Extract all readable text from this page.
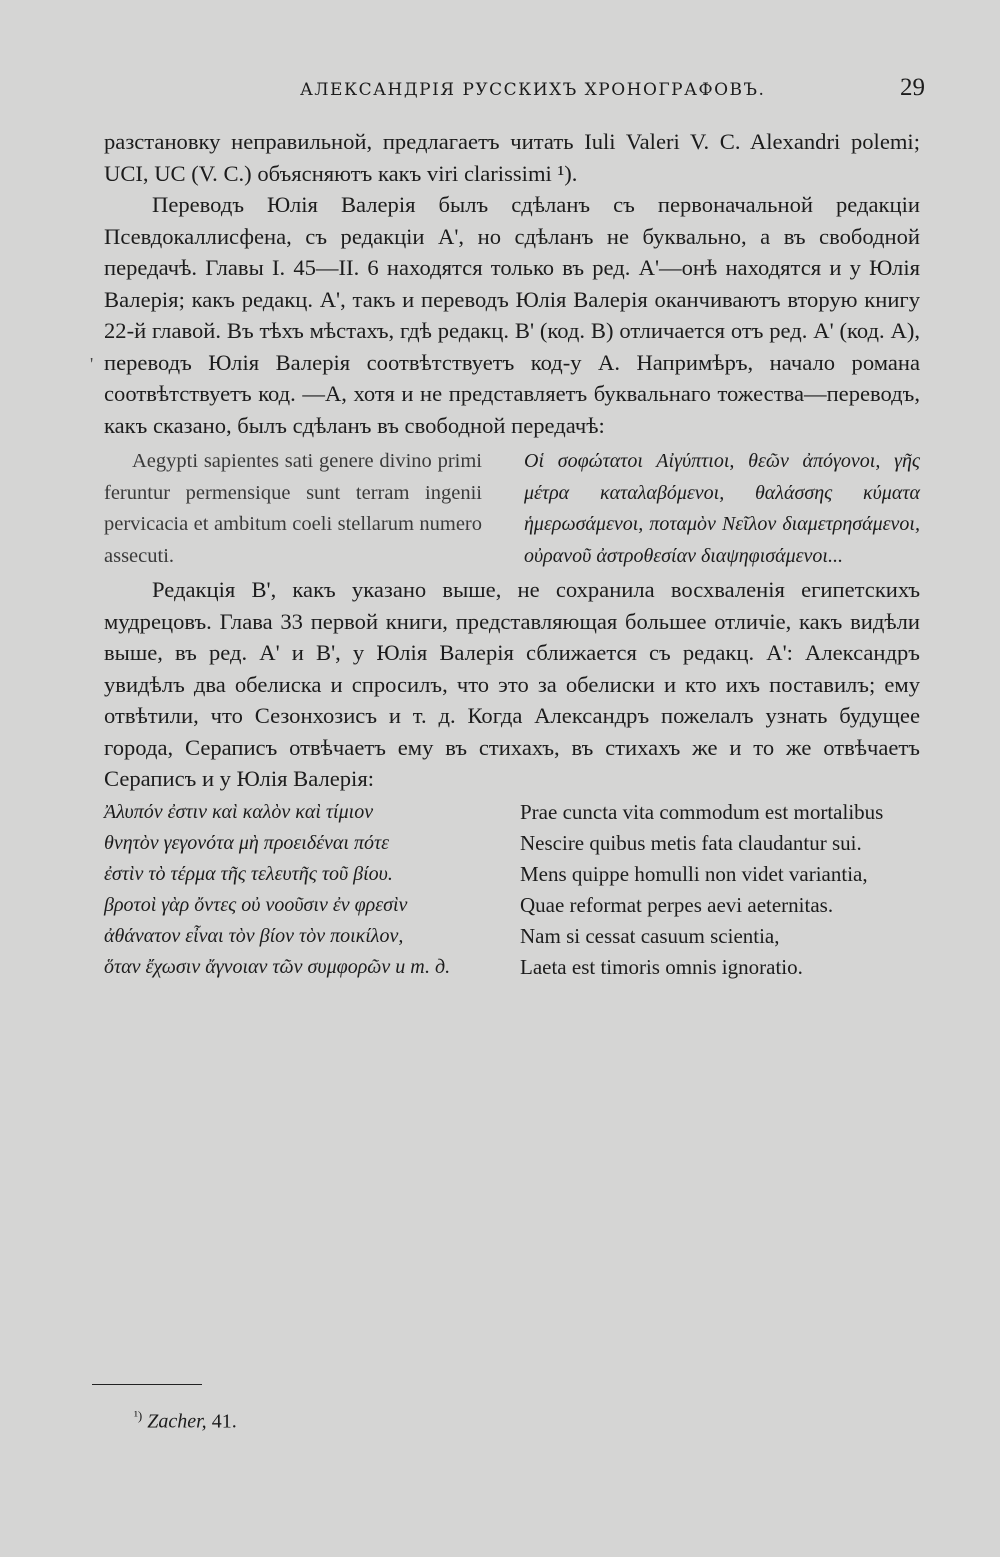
АЛЕКСАНДРІЯ РУССКИХЪ ХРОНОГРАФОВЪ.	29
'

разстановку неправильной, предлагаетъ читать Iuli Valeri V. C. Alexandri polemi; UCI, UC (V. C.) объясняютъ какъ viri clarissimi ¹).

Переводъ Юлія Валерія былъ сдѣланъ съ первоначальной редакціи Псевдокаллисфена, съ редакціи А', но сдѣланъ не буквально, а въ свободной передачѣ. Главы I. 45—II. 6 находятся только въ ред. А'—онѣ находятся и у Юлія Валерія; какъ редакц. А', такъ и переводъ Юлія Валерія оканчиваютъ вторую книгу 22-й главой. Въ тѣхъ мѣстахъ, гдѣ редакц. В' (код. В) отличается отъ ред. А' (код. А), переводъ Юлія Валерія соотвѣтствуетъ код-у А. Напримѣръ, начало романа соотвѣтствуетъ код. —А, хотя и не представляетъ буквальнаго тожества—переводъ, какъ сказано, былъ сдѣланъ въ свободной передачѣ:

Aegypti sapientes sati genere divino primi feruntur permensique sunt terram ingenii pervicacia et ambitum coeli stellarum numero assecuti.

Οἱ σοφώτατοι Αἰγύπτιοι, θεῶν ἀπόγονοι, γῆς μέτρα καταλαβόμενοι, θαλάσσης κύματα ἡμερωσάμενοι, ποταμὸν Νεῖλον διαμετρησάμενοι, οὐρανοῦ ἀστροθεσίαν διαψηφισάμενοι...

Редакція В', какъ указано выше, не сохранила восхваленія египетскихъ мудрецовъ. Глава 33 первой книги, представляющая большее отличіе, какъ видѣли выше, въ ред. А' и В', у Юлія Валерія сближается съ редакц. А': Александръ увидѣлъ два обелиска и спросилъ, что это за обелиски и кто ихъ поставилъ; ему отвѣтили, что Сезонхозисъ и т. д. Когда Александръ пожелалъ узнать будущее города, Сераписъ отвѣчаетъ ему въ стихахъ, въ стихахъ же и то же отвѣчаетъ Сераписъ и у Юлія Валерія:

Ἀλυπόν ἐστιν καὶ καλὸν καὶ τίμιον	Prae cuncta vita commodum est mortalibus
θνητὸν γεγονότα μὴ προειδέναι πότε	Nescire quibus metis fata claudantur sui.
ἐστὶν τὸ τέρμα τῆς τελευτῆς τοῦ βίου.	Mens quippe homulli non videt variantia,
βροτοὶ γὰρ ὄντες οὐ νοοῦσιν ἐν φρεσὶν	Quae reformat perpes aevi aeternitas.
ἀθάνατον εἶναι τὸν βίον τὸν ποικίλον,	Nam si cessat casuum scientia,
ὅταν ἔχωσιν ἄγνοιαν τῶν συμφορῶν и т. д.	Laeta est timoris omnis ignoratio.
$^{^1)}$ Zacher, 41.
